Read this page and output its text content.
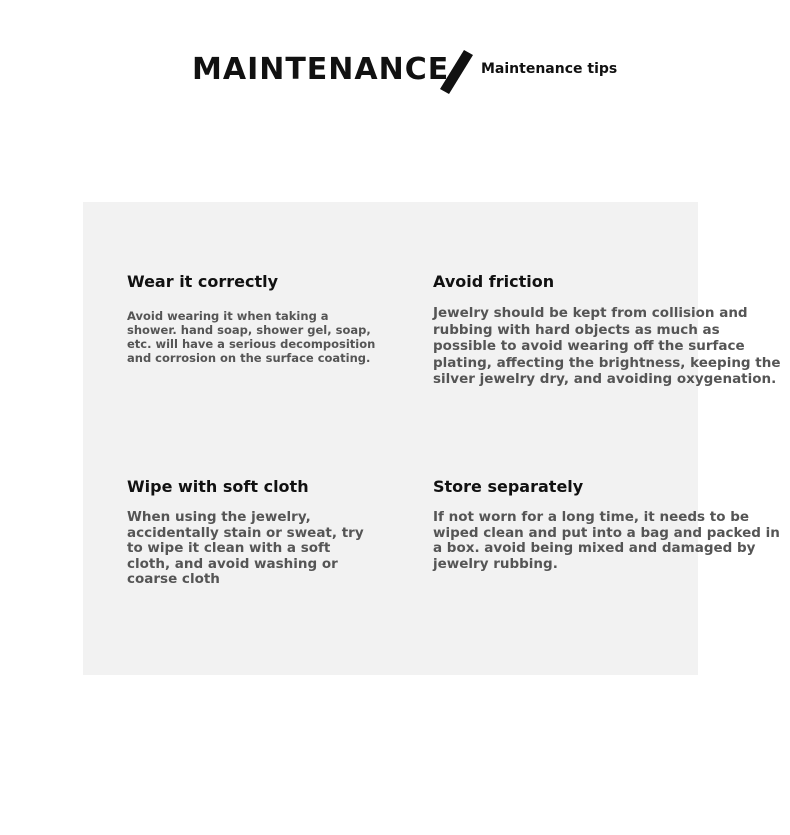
MAINTENANCE Maintenance tips
Wear it correctly

Avoid wearing it when taking a shower. hand soap, shower gel, soap, etc. will have a serious decomposition and corrosion on the surface coating.

Avoid friction

Jewelry should be kept from collision and rubbing with hard objects as much as possible to avoid wearing off the surface plating, affecting the brightness, keeping the silver jewelry dry, and avoiding oxygenation.

Wipe with soft cloth

When using the jewelry, accidentally stain or sweat, try to wipe it clean with a soft cloth, and avoid washing or coarse cloth

Store separately

If not worn for a long time, it needs to be wiped clean and put into a bag and packed in a box. avoid being mixed and damaged by jewelry rubbing.
